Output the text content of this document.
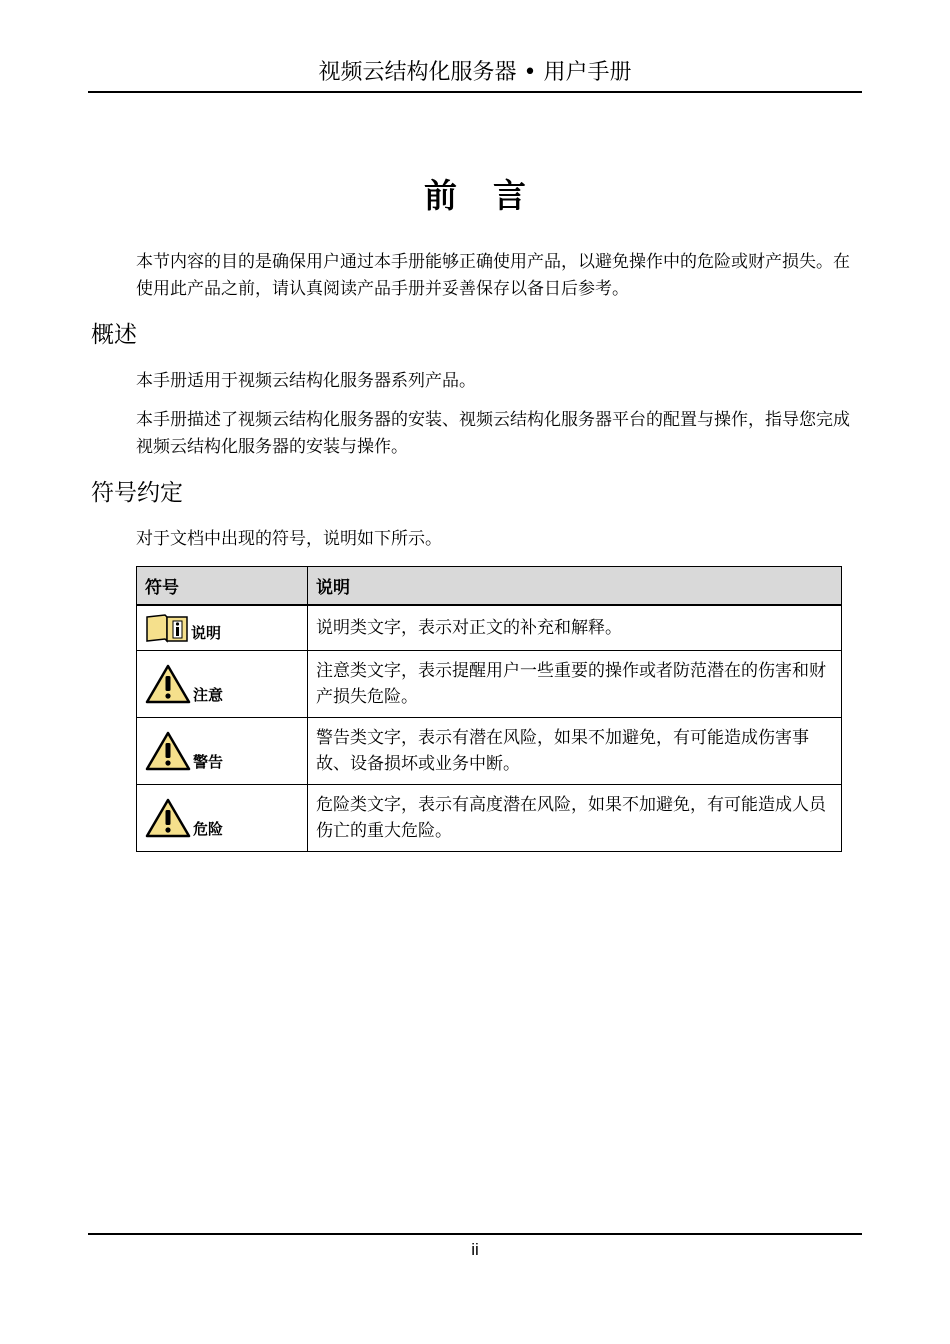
视频云结构化服务器 • 用户手册
前言

本节内容的目的是确保用户通过本手册能够正确使用产品，以避免操作中的危险或财产损失。在使用此产品之前，请认真阅读产品手册并妥善保存以备日后参考。

概述

本手册适用于视频云结构化服务器系列产品。

本手册描述了视频云结构化服务器的安装、视频云结构化服务器平台的配置与操作，指导您完成视频云结构化服务器的安装与操作。

符号约定

对于文档中出现的符号，说明如下所示。

符号	说明

说明	说明类文字，表示对正文的补充和解释。

注意	注意类文字，表示提醒用户一些重要的操作或者防范潜在的伤害和财产损失危险。

警告	警告类文字，表示有潜在风险，如果不加避免，有可能造成伤害事故、设备损坏或业务中断。

危险	危险类文字，表示有高度潜在风险，如果不加避免，有可能造成人员伤亡的重大危险。
ii
